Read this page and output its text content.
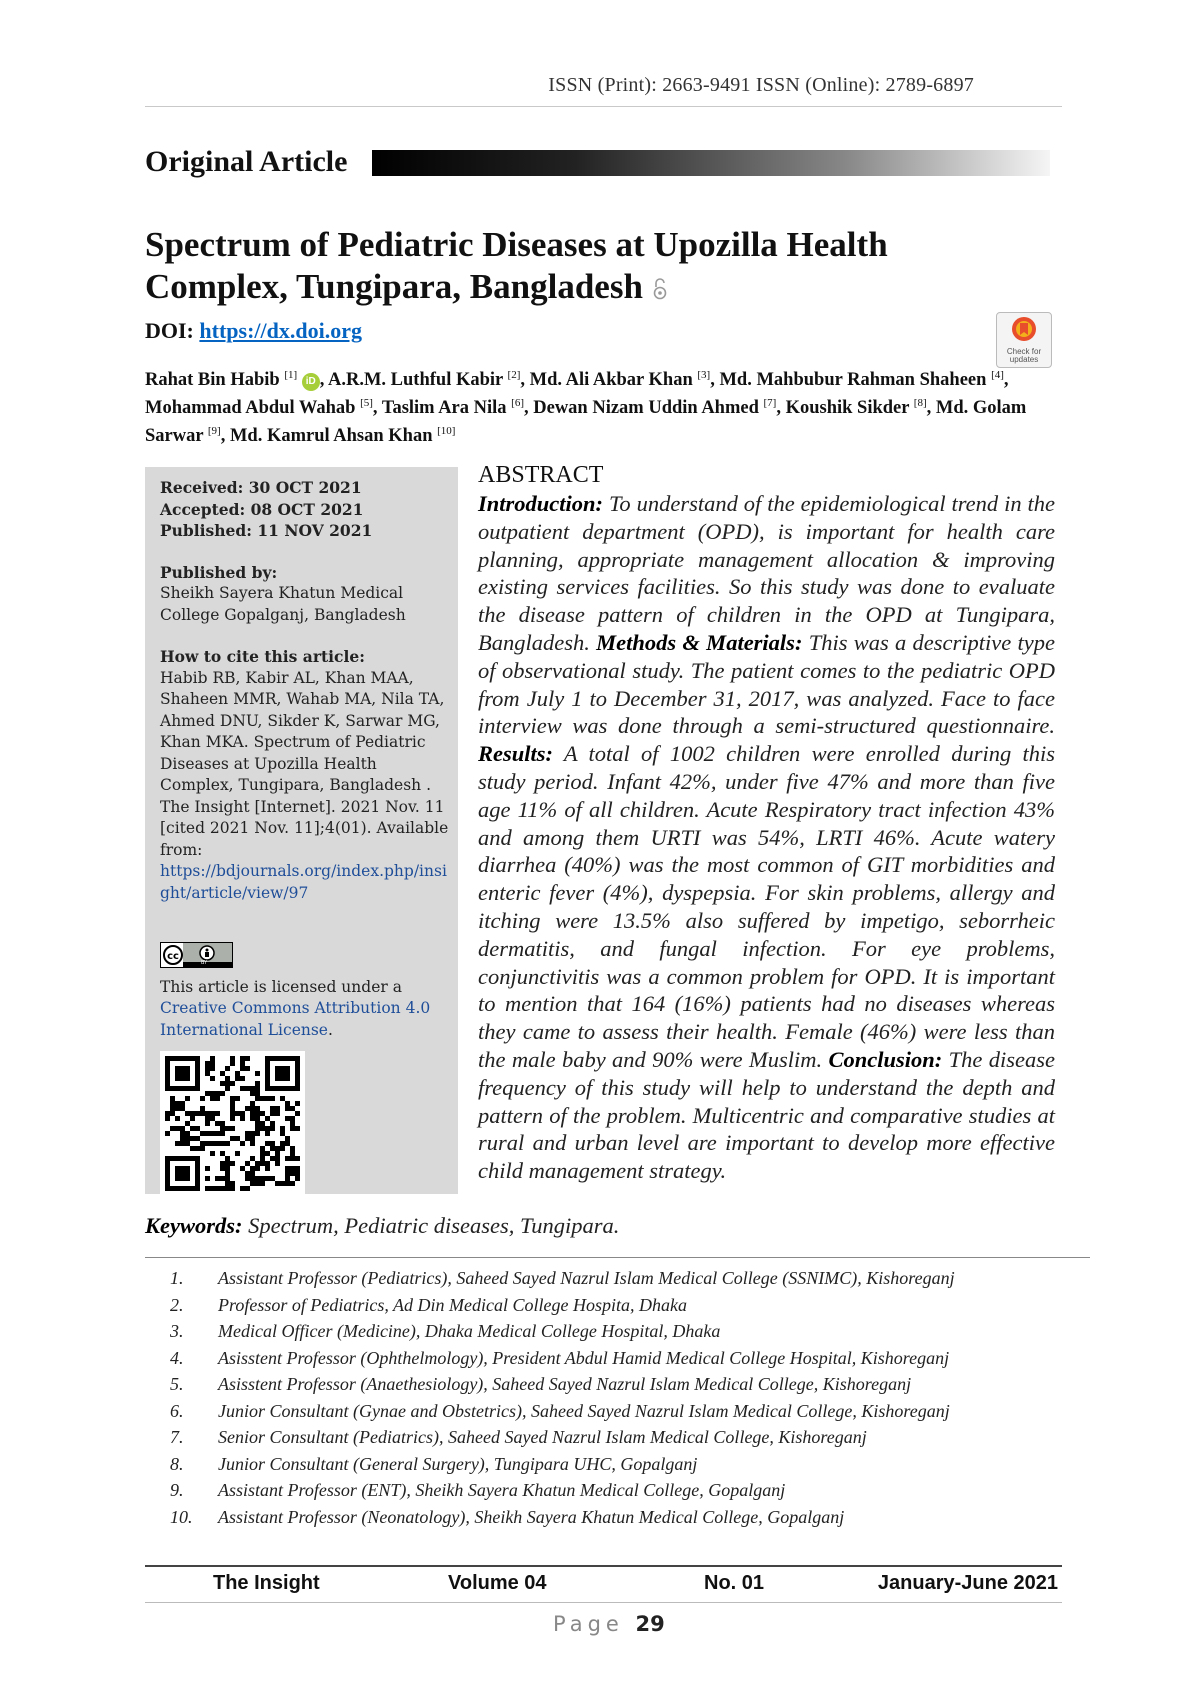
ISSN (Print): 2663-9491 ISSN (Online): 2789-6897
Original Article
Spectrum of Pediatric Diseases at Upozilla Health
Complex, Tungipara, Bangladesh
DOI: https://dx.doi.org
Check for
updates
Rahat Bin Habib [1] iD , A.R.M. Luthful Kabir [2], Md. Ali Akbar Khan [3], Md. Mahbubur Rahman Shaheen [4], Mohammad Abdul Wahab [5], Taslim Ara Nila [6], Dewan Nizam Uddin Ahmed [7], Koushik Sikder [8], Md. Golam Sarwar [9], Md. Kamrul Ahsan Khan [10]
Received: 30 OCT 2021
Accepted: 08 OCT 2021
Published: 11 NOV 2021
Published by:
Sheikh Sayera Khatun Medical College Gopalganj, Bangladesh
How to cite this article:
Habib RB, Kabir AL, Khan MAA, Shaheen MMR, Wahab MA, Nila TA, Ahmed DNU, Sikder K, Sarwar MG, Khan MKA. Spectrum of Pediatric Diseases at Upozilla Health Complex, Tungipara, Bangladesh . The Insight [Internet]. 2021 Nov. 11 [cited 2021 Nov. 11];4(01). Available from:
https://bdjournals.org/index.php/insight/article/view/97
cc
BY
This article is licensed under a Creative Commons Attribution 4.0 International License.
ABSTRACT
Introduction: To understand of the epidemiological trend in the outpatient department (OPD), is important for health care planning, appropriate management allocation & improving existing services facilities. So this study was done to evaluate the disease pattern of children in the OPD at Tungipara, Bangladesh. Methods & Materials: This was a descriptive type of observational study. The patient comes to the pediatric OPD from July 1 to December 31, 2017, was analyzed. Face to face interview was done through a semi-structured questionnaire. Results: A total of 1002 children were enrolled during this study period. Infant 42%, under five 47% and more than five age 11% of all children. Acute Respiratory tract infection 43% and among them URTI was 54%, LRTI 46%. Acute watery diarrhea (40%) was the most common of GIT morbidities and enteric fever (4%), dyspepsia. For skin problems, allergy and itching were 13.5% also suffered by impetigo, seborrheic dermatitis, and fungal infection. For eye problems, conjunctivitis was a common problem for OPD. It is important to mention that 164 (16%) patients had no diseases whereas they came to assess their health. Female (46%) were less than the male baby and 90% were Muslim. Conclusion: The disease frequency of this study will help to understand the depth and pattern of the problem. Multicentric and comparative studies at rural and urban level are important to develop more effective child management strategy.
Keywords: Spectrum, Pediatric diseases, Tungipara.
1.	Assistant Professor (Pediatrics), Saheed Sayed Nazrul Islam Medical College (SSNIMC), Kishoreganj
2.	Professor of Pediatrics, Ad Din Medical College Hospita, Dhaka
3.	Medical Officer (Medicine), Dhaka Medical College Hospital, Dhaka
4.	Asisstent Professor (Ophthelmology), President Abdul Hamid Medical College Hospital, Kishoreganj
5.	Asisstent Professor (Anaethesiology), Saheed Sayed Nazrul Islam Medical College, Kishoreganj
6.	Junior Consultant (Gynae and Obstetrics), Saheed Sayed Nazrul Islam Medical College, Kishoreganj
7.	Senior Consultant (Pediatrics), Saheed Sayed Nazrul Islam Medical College, Kishoreganj
8.	Junior Consultant (General Surgery), Tungipara UHC, Gopalganj
9.	Assistant Professor (ENT), Sheikh Sayera Khatun Medical College, Gopalganj
10.	Assistant Professor (Neonatology), Sheikh Sayera Khatun Medical College, Gopalganj
The Insight	Volume 04	No. 01	January-June 2021
Page 29
